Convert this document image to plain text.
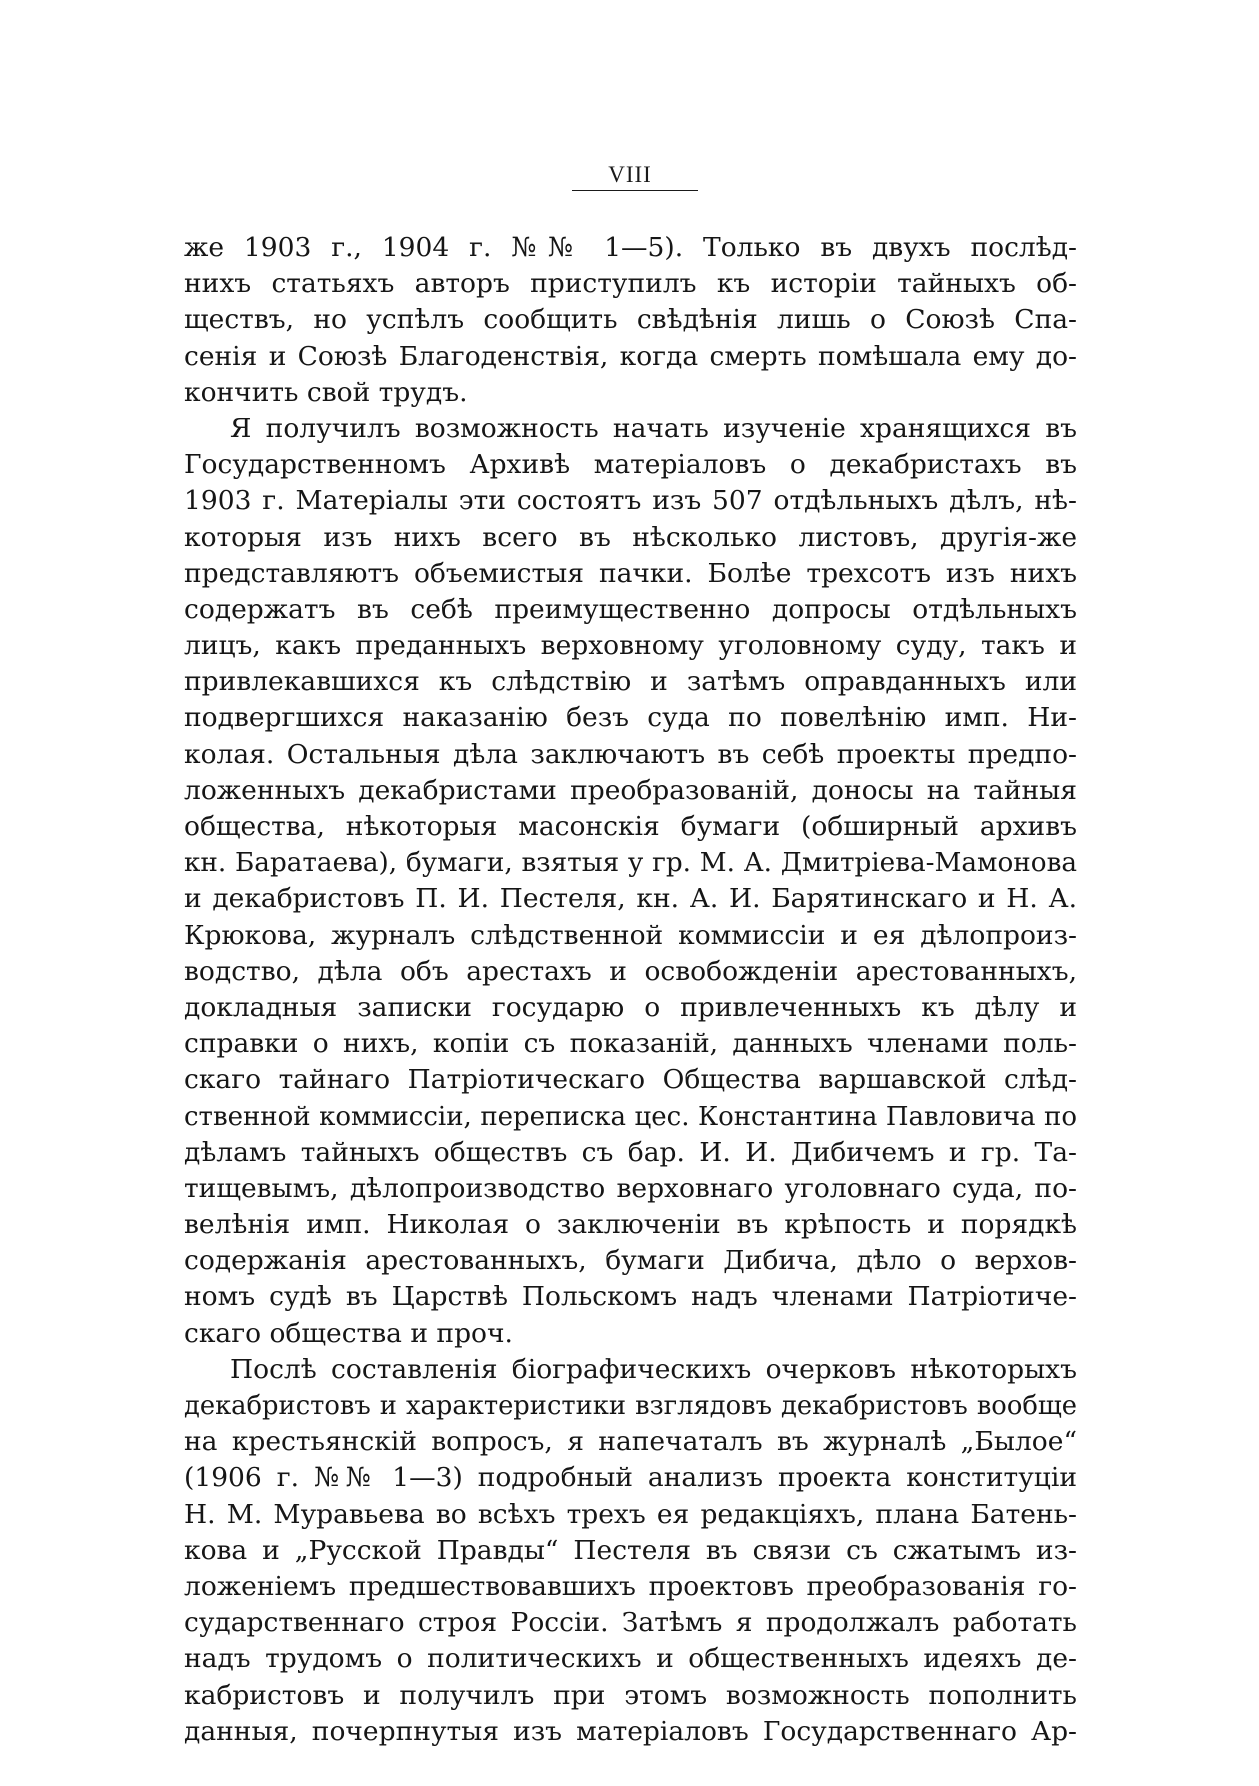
VIII
же 1903 г., 1904 г. №№ 1—5). Только въ двухъ послѣд-
нихъ статьяхъ авторъ приступилъ къ исторіи тайныхъ об-
ществъ, но успѣлъ сообщить свѣдѣнія лишь о Союзѣ Спа-
сенія и Союзѣ Благоденствія, когда смерть помѣшала ему до-
кончить свой трудъ.
Я получилъ возможность начать изученіе хранящихся въ
Государственномъ Архивѣ матеріаловъ о декабристахъ въ
1903 г. Матеріалы эти состоятъ изъ 507 отдѣльныхъ дѣлъ, нѣ-
которыя изъ нихъ всего въ нѣсколько листовъ, другія-же
представляютъ объемистыя пачки. Болѣе трехсотъ изъ нихъ
содержатъ въ себѣ преимущественно допросы отдѣльныхъ
лицъ, какъ преданныхъ верховному уголовному суду, такъ и
привлекавшихся къ слѣдствію и затѣмъ оправданныхъ или
подвергшихся наказанію безъ суда по повелѣнію имп. Ни-
колая. Остальныя дѣла заключаютъ въ себѣ проекты предпо-
ложенныхъ декабристами преобразованій, доносы на тайныя
общества, нѣкоторыя масонскія бумаги (обширный архивъ
кн. Баратаева), бумаги, взятыя у гр. М. А. Дмитріева-Мамонова
и декабристовъ П. И. Пестеля, кн. А. И. Барятинскаго и Н. А.
Крюкова, журналъ слѣдственной коммиссіи и ея дѣлопроиз-
водство, дѣла объ арестахъ и освобожденіи арестованныхъ,
докладныя записки государю о привлеченныхъ къ дѣлу и
справки о нихъ, копіи съ показаній, данныхъ членами поль-
скаго тайнаго Патріотическаго Общества варшавской слѣд-
ственной коммиссіи, переписка цес. Константина Павловича по
дѣламъ тайныхъ обществъ съ бар. И. И. Дибичемъ и гр. Та-
тищевымъ, дѣлопроизводство верховнаго уголовнаго суда, по-
велѣнія имп. Николая о заключеніи въ крѣпость и порядкѣ
содержанія арестованныхъ, бумаги Дибича, дѣло о верхов-
номъ судѣ въ Царствѣ Польскомъ надъ членами Патріотиче-
скаго общества и проч.
Послѣ составленія біографическихъ очерковъ нѣкоторыхъ
декабристовъ и характеристики взглядовъ декабристовъ вообще
на крестьянскій вопросъ, я напечаталъ въ журналѣ „Былое“
(1906 г. №№ 1—3) подробный анализъ проекта конституціи
Н. М. Муравьева во всѣхъ трехъ ея редакціяхъ, плана Батень-
кова и „Русской Правды“ Пестеля въ связи съ сжатымъ из-
ложеніемъ предшествовавшихъ проектовъ преобразованія го-
сударственнаго строя Россіи. Затѣмъ я продолжалъ работать
надъ трудомъ о политическихъ и общественныхъ идеяхъ де-
кабристовъ и получилъ при этомъ возможность пополнить
данныя, почерпнутыя изъ матеріаловъ Государственнаго Ар-
